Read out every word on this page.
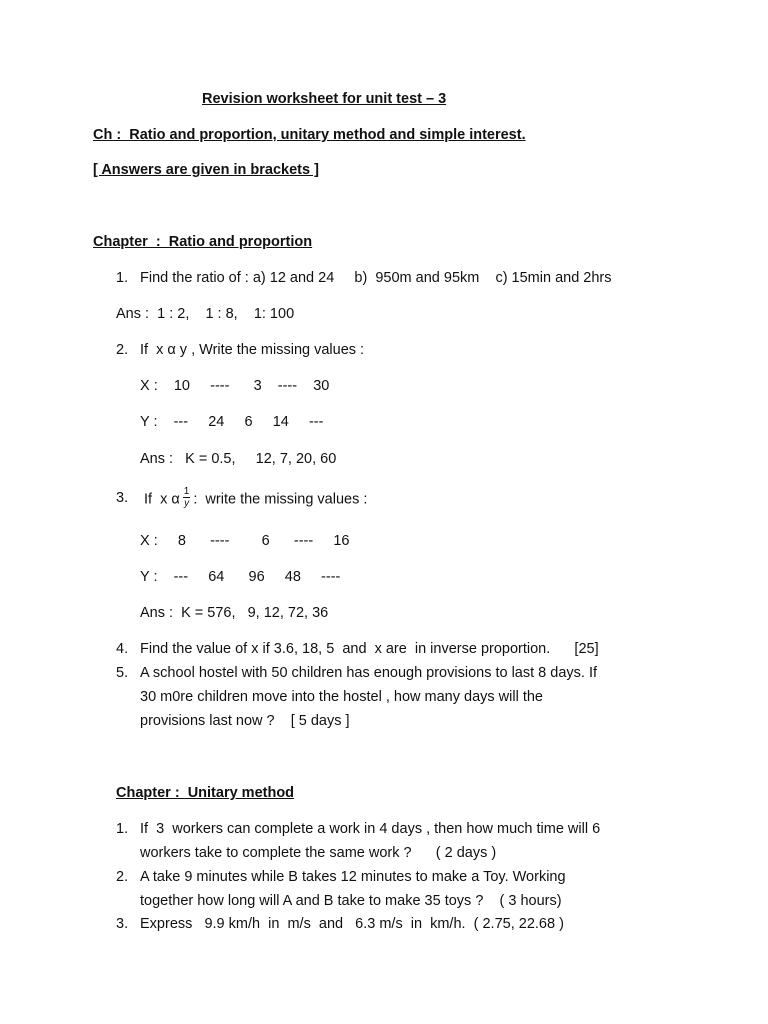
Revision worksheet for unit test – 3
Ch :  Ratio and proportion, unitary method and simple interest.
[ Answers are given in brackets ]
Chapter  :  Ratio and proportion
1. Find the ratio of : a) 12 and 24     b)  950m and 95km    c) 15min and 2hrs
Ans :  1 : 2,    1 : 8,    1: 100
2. If  x α y , Write the missing values :
X :    10     ----      3    ----    30
Y :    ---     24     6     14     ---
Ans :   K = 0.5,     12, 7, 20, 60
3. If  x α $\frac{1}{y}$ :  write the missing values :
X :     8      ----        6      ----     16
Y :    ---     64      96     48     ----
Ans :  K = 576,   9, 12, 72, 36
4. Find the value of x if 3.6, 18, 5  and  x are  in inverse proportion.      [25]
5. A school hostel with 50 children has enough provisions to last 8 days. If
30 m0re children move into the hostel , how many days will the
provisions last now ?    [ 5 days ]
Chapter :  Unitary method
1. If  3  workers can complete a work in 4 days , then how much time will 6
workers take to complete the same work ?      ( 2 days )
2. A take 9 minutes while B takes 12 minutes to make a Toy. Working
together how long will A and B take to make 35 toys ?    ( 3 hours)
3. Express   9.9 km/h  in  m/s  and   6.3 m/s  in  km/h.  ( 2.75, 22.68 )
